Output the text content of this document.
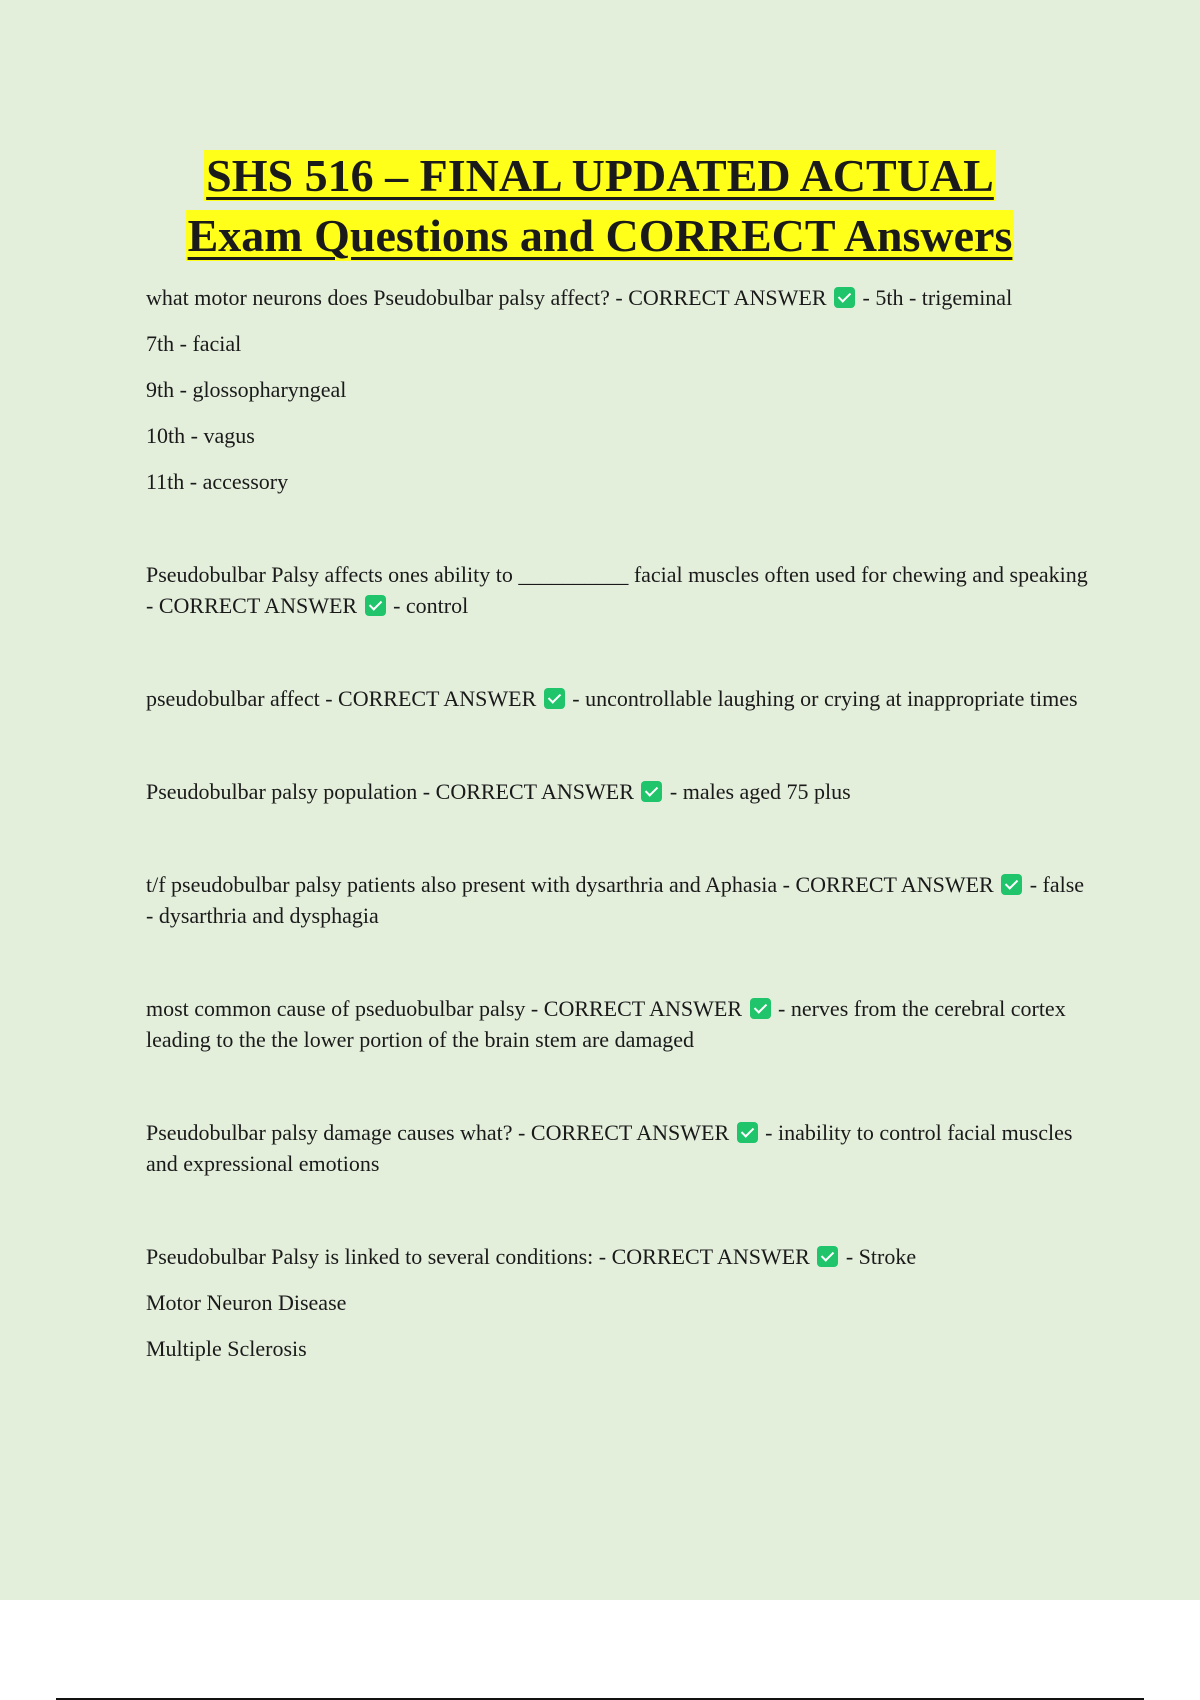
SHS 516 – FINAL UPDATED ACTUAL
Exam Questions and CORRECT Answers

what motor neurons does Pseudobulbar palsy affect? - CORRECT ANSWER  - 5th - trigeminal

7th - facial

9th - glossopharyngeal

10th - vagus

11th - accessory

Pseudobulbar Palsy affects ones ability to __________ facial muscles often used for chewing and speaking - CORRECT ANSWER  - control

pseudobulbar affect - CORRECT ANSWER  - uncontrollable laughing or crying at inappropriate times

Pseudobulbar palsy population - CORRECT ANSWER  - males aged 75 plus

t/f pseudobulbar palsy patients also present with dysarthria and Aphasia - CORRECT ANSWER  - false - dysarthria and dysphagia

most common cause of pseduobulbar palsy - CORRECT ANSWER  - nerves from the cerebral cortex leading to the the lower portion of the brain stem are damaged

Pseudobulbar palsy damage causes what? - CORRECT ANSWER  - inability to control facial muscles and expressional emotions

Pseudobulbar Palsy is linked to several conditions: - CORRECT ANSWER  - Stroke

Motor Neuron Disease

Multiple Sclerosis
